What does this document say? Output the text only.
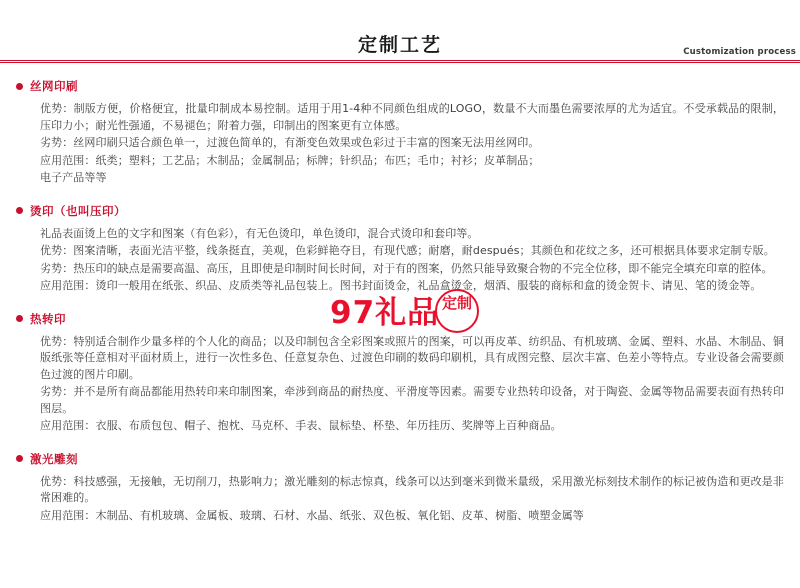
定制工艺	Customization process
丝网印刷

优势：制版方便，价格便宜，批量印制成本易控制。适用于用1-4种不同颜色组成的LOGO，数量不大而墨色需要浓厚的尤为适宜。不受承载品的限制，压印力小；耐光性强通，不易褪色；附着力强，印制出的图案更有立体感。

劣势：丝网印刷只适合颜色单一，过渡色简单的，有渐变色效果或色彩过于丰富的图案无法用丝网印。

应用范围：纸类；塑料；工艺品；木制品；金属制品；标牌；针织品；布匹；毛巾；衬衫；皮革制品；

电子产品等等

烫印（也叫压印）

礼品表面烫上色的文字和图案（有色彩），有无色烫印，单色烫印，混合式烫印和套印等。

优势：图案清晰，表面光洁平整，线条挺直，美观，色彩鲜艳夺目，有现代感；耐磨，耐después；其颜色和花纹之多，还可根据具体要求定制专版。

劣势：热压印的缺点是需要高温、高压，且即使是印制时间长时间，对于有的图案，仍然只能导致聚合物的不完全位移，即不能完全填充印章的腔体。

应用范围：烫印一般用在纸张、织品、皮质类等礼品包装上。图书封面烫金，礼品盒烫金，烟酒、服装的商标和盒的烫金贺卡、请见、笔的烫金等。

热转印

优势：特别适合制作少量多样的个人化的商品；以及印制包含全彩图案或照片的图案，可以再皮革、纺织品、有机玻璃、金属、塑料、水晶、木制品、铜版纸张等任意相对平面材质上，进行一次性多色、任意复杂色、过渡色印刷的数码印刷机，具有成图完整、层次丰富、色差小等特点。专业设备会需要颜色过渡的图片印刷。

劣势：并不是所有商品都能用热转印来印制图案，牵涉到商品的耐热度、平滑度等因素。需要专业热转印设备，对于陶瓷、金属等物品需要表面有热转印图层。

应用范围：衣服、布质包包、帽子、抱枕、马克杯、手表、鼠标垫、杯垫、年历挂历、奖牌等上百种商品。

激光雕刻

优势：科技感强，无接触，无切削刀，热影响力；激光雕刻的标志惊真，线条可以达到毫米到微米量级，采用激光标刻技术制作的标记被伪造和更改是非常困难的。

应用范围：木制品、有机玻璃、金属板、玻璃、石材、水晶、纸张、双色板、氧化铝、皮革、树脂、喷塑金属等

97礼品 定制
